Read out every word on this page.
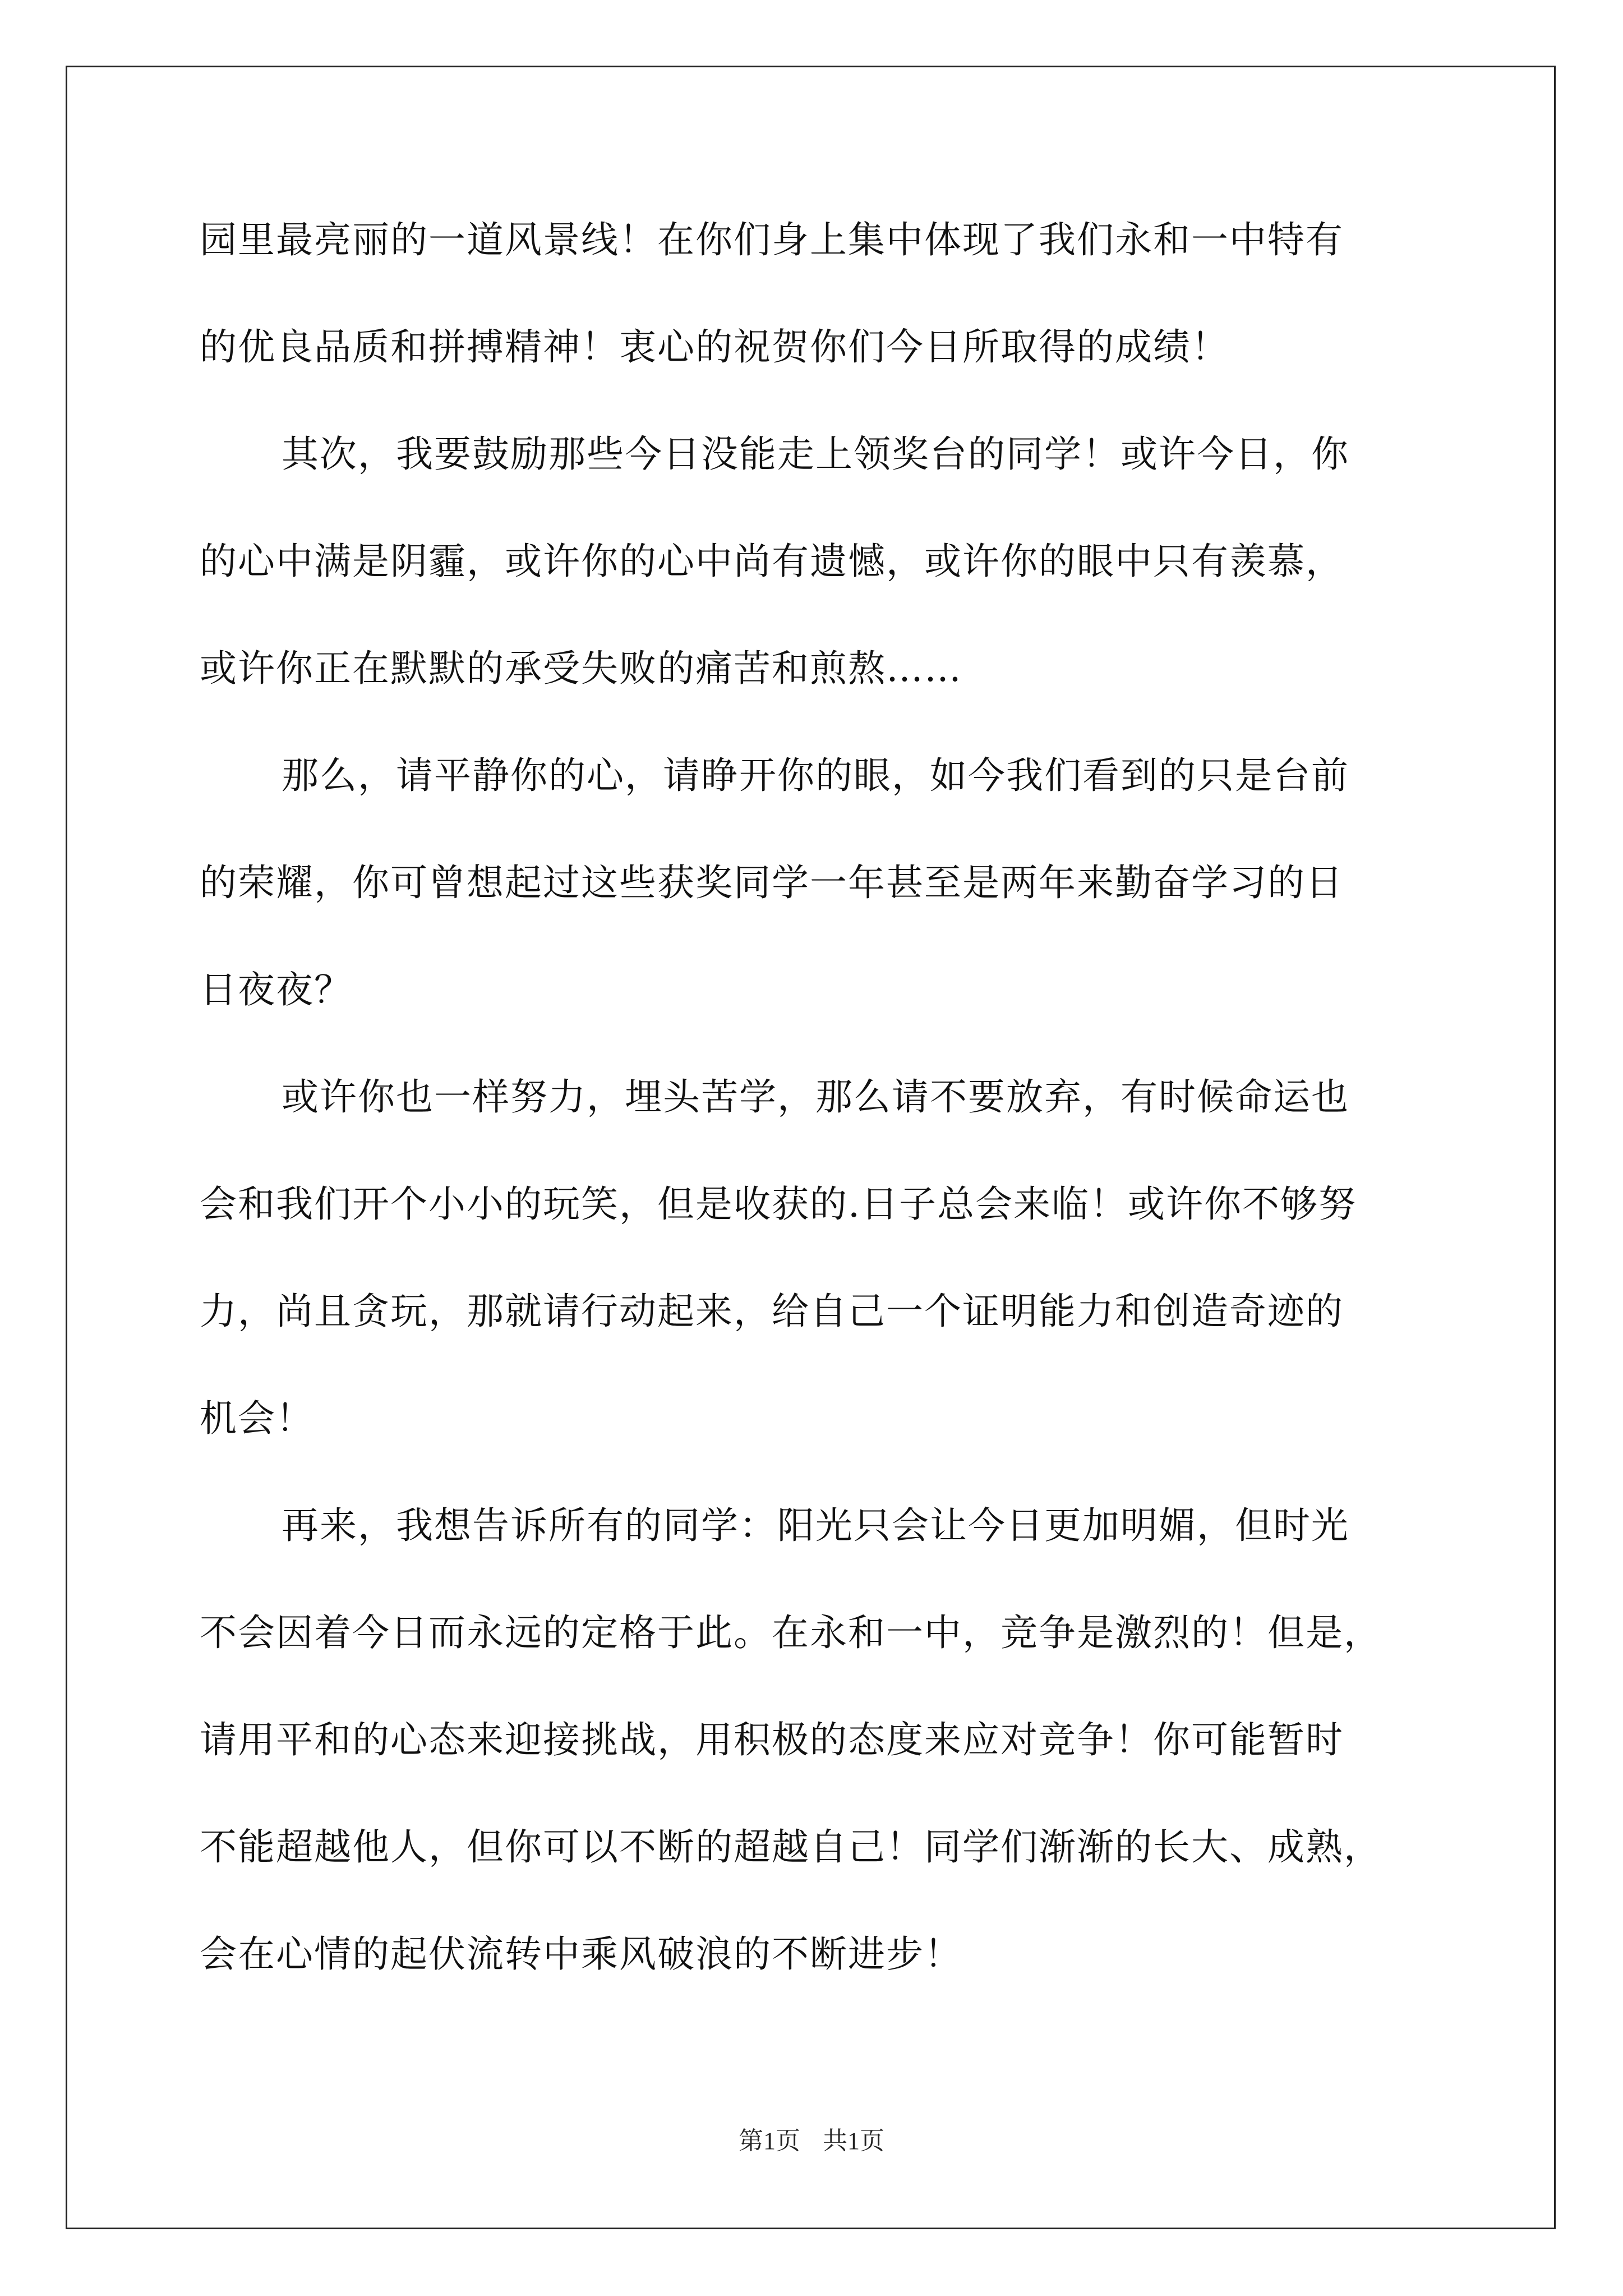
园里最亮丽的一道风景线！在你们身上集中体现了我们永和一中特有
的优良品质和拼搏精神！衷心的祝贺你们今日所取得的成绩！
其次，我要鼓励那些今日没能走上领奖台的同学！或许今日，你
的心中满是阴霾，或许你的心中尚有遗憾，或许你的眼中只有羡慕，
或许你正在默默的承受失败的痛苦和煎熬……
那么，请平静你的心，请睁开你的眼，如今我们看到的只是台前
的荣耀，你可曾想起过这些获奖同学一年甚至是两年来勤奋学习的日
日夜夜？
或许你也一样努力，埋头苦学，那么请不要放弃，有时候命运也
会和我们开个小小的玩笑，但是收获的.日子总会来临！或许你不够努
力，尚且贪玩，那就请行动起来，给自己一个证明能力和创造奇迹的
机会！
再来，我想告诉所有的同学：阳光只会让今日更加明媚，但时光
不会因着今日而永远的定格于此。在永和一中，竞争是激烈的！但是，
请用平和的心态来迎接挑战，用积极的态度来应对竞争！你可能暂时
不能超越他人，但你可以不断的超越自己！同学们渐渐的长大、成熟，
会在心情的起伏流转中乘风破浪的不断进步！
第1页 共1页
